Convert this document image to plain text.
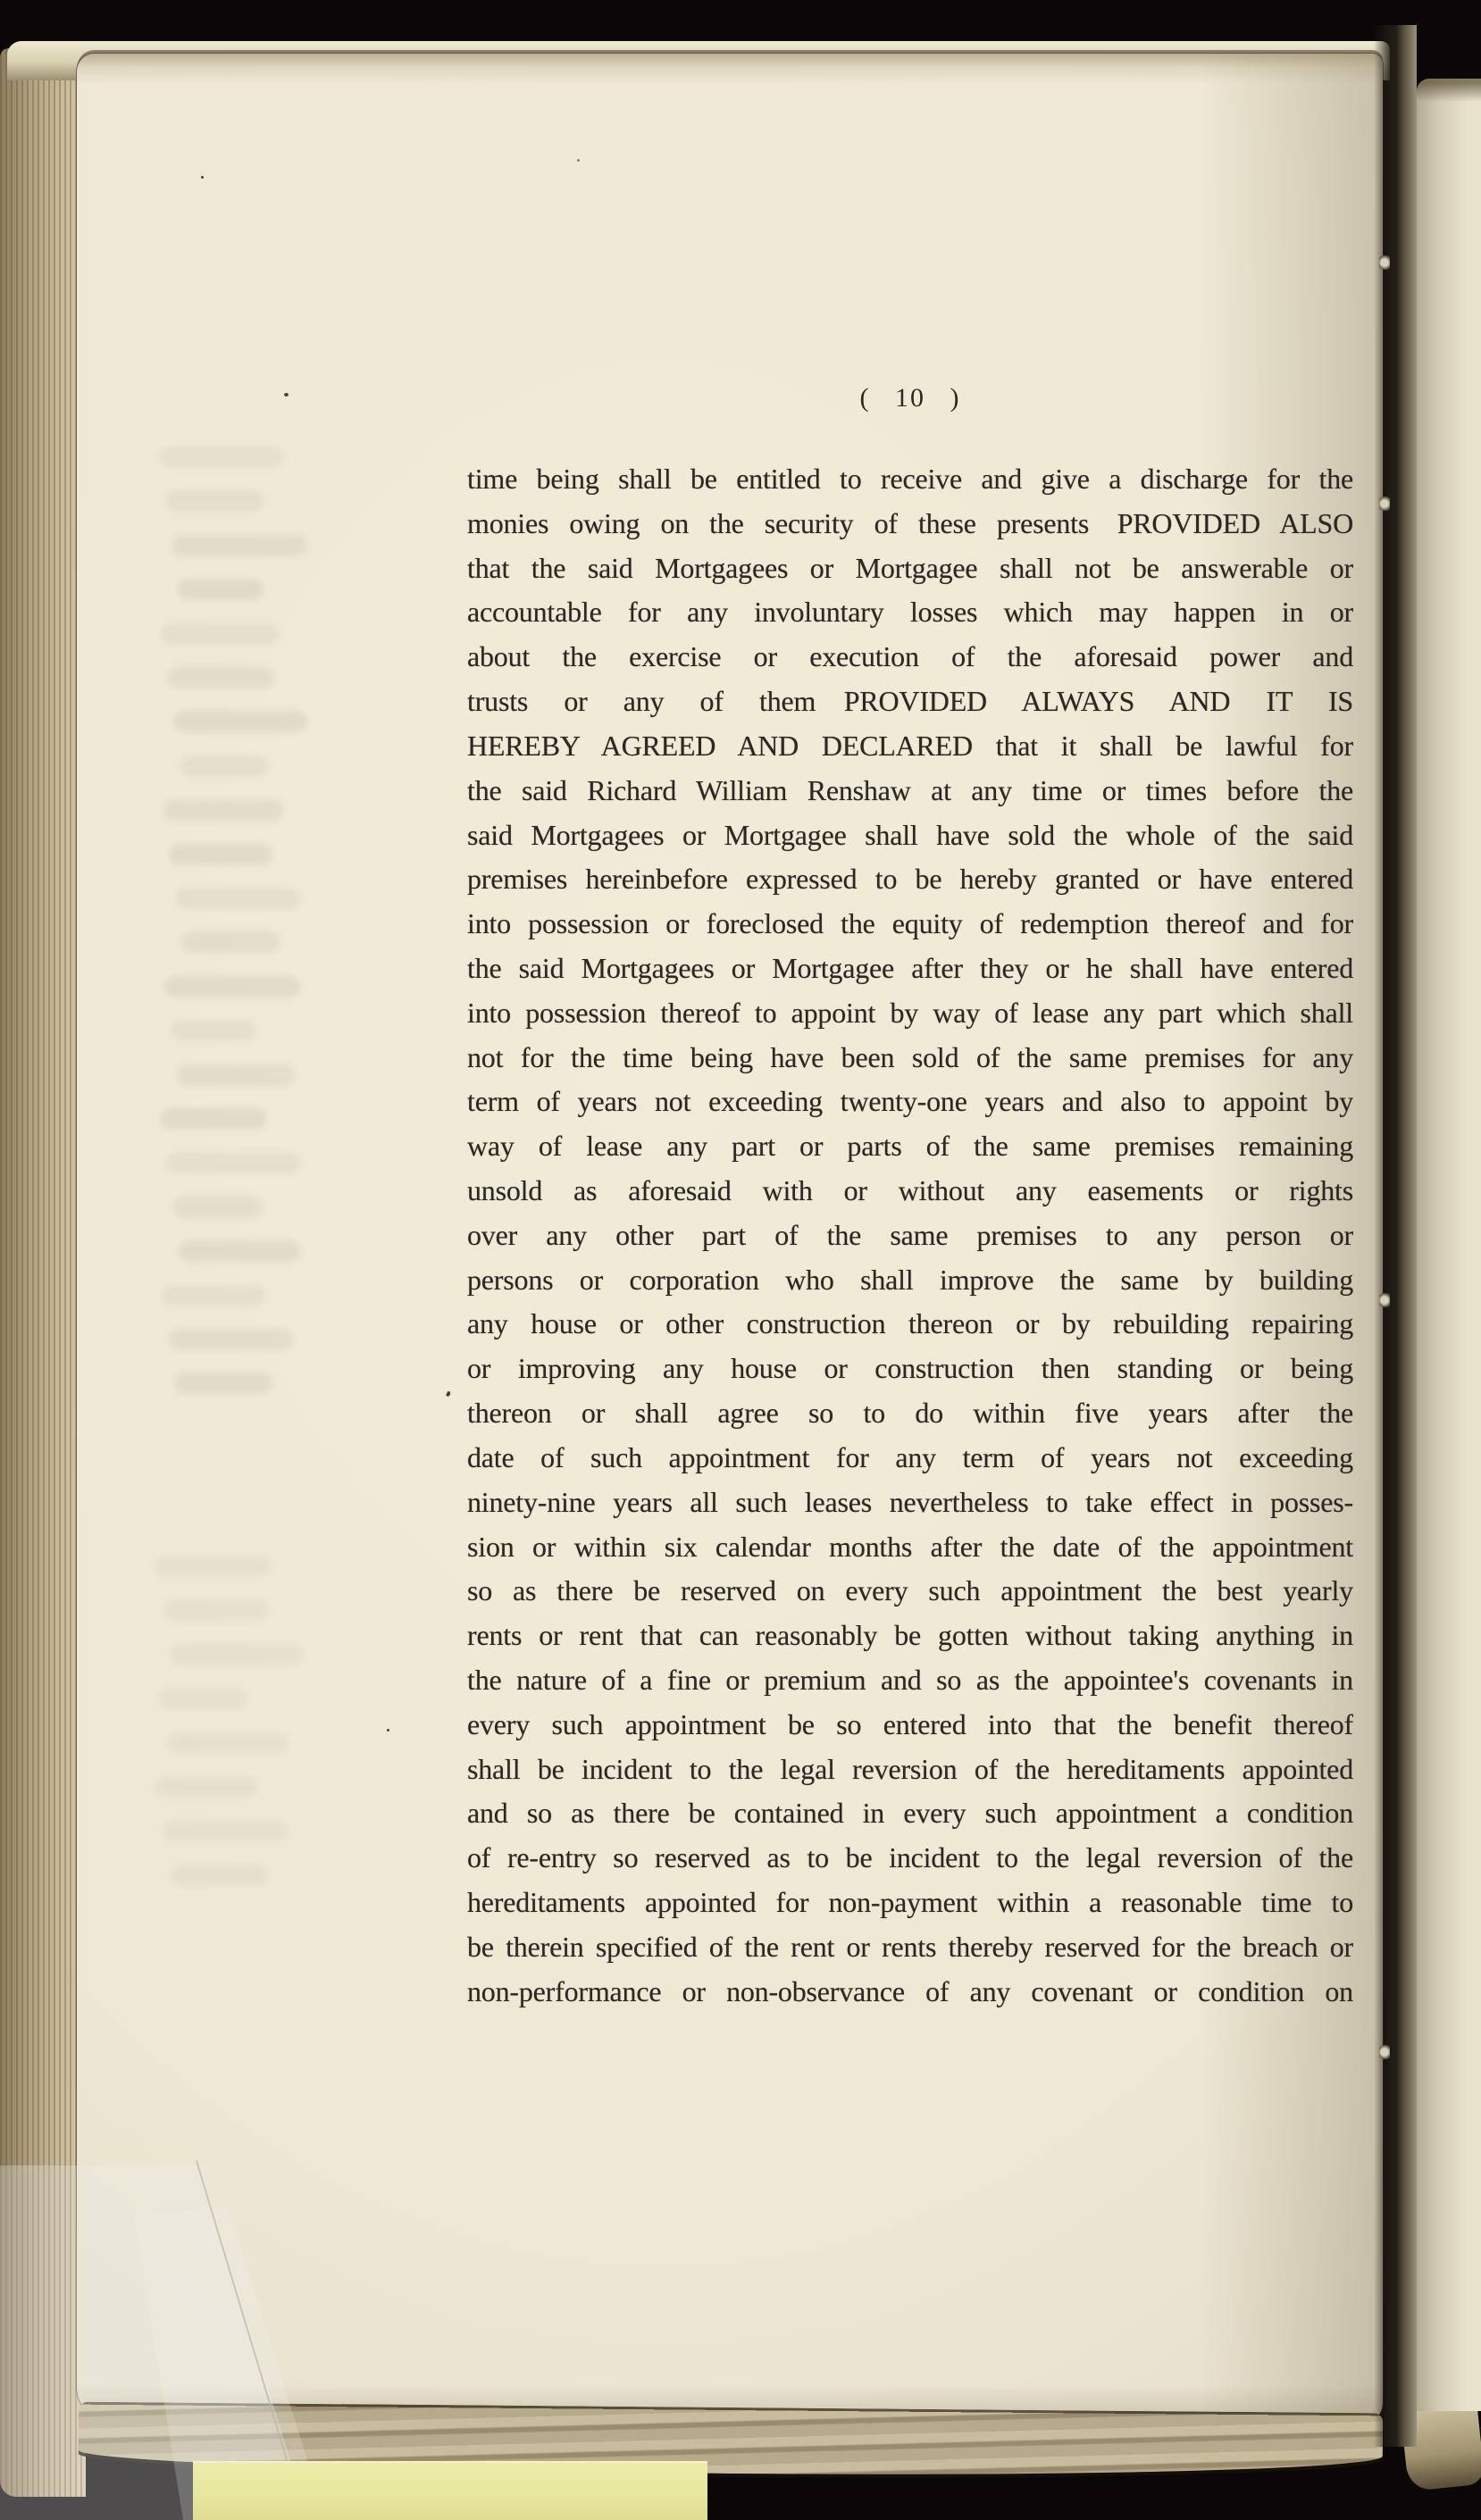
( 10 )
time being shall be entitled to receive and give a discharge for the
monies owing on the security of these presents  PROVIDED ALSO
that the said Mortgagees or Mortgagee shall not be answerable or
accountable for any involuntary losses which may happen in or
about the exercise or execution of the aforesaid power and
trusts or any of them  PROVIDED ALWAYS AND IT IS
HEREBY AGREED AND DECLARED that it shall be lawful for
the said Richard William Renshaw at any time or times before the
said Mortgagees or Mortgagee shall have sold the whole of the said
premises hereinbefore expressed to be hereby granted or have entered
into possession or foreclosed the equity of redemption thereof and for
the said Mortgagees or Mortgagee after they or he shall have entered
into possession thereof to appoint by way of lease any part which shall
not for the time being have been sold of the same premises for any
term of years not exceeding twenty-one years and also to appoint by
way of lease any part or parts of the same premises remaining
unsold as aforesaid with or without any easements or rights
over any other part of the same premises to any person or
persons or corporation who shall improve the same by building
any house or other construction thereon or by rebuilding repairing
or improving any house or construction then standing or being
thereon or shall agree so to do within five years after the
date of such appointment for any term of years not exceeding
ninety-nine years all such leases nevertheless to take effect in posses-
sion or within six calendar months after the date of the appointment
so as there be reserved on every such appointment the best yearly
rents or rent that can reasonably be gotten without taking anything in
the nature of a fine or premium and so as the appointee's covenants in
every such appointment be so entered into that the benefit thereof
shall be incident to the legal reversion of the hereditaments appointed
and so as there be contained in every such appointment a condition
of re-entry so reserved as to be incident to the legal reversion of the
hereditaments appointed for non-payment within a reasonable time to
be therein specified of the rent or rents thereby reserved for the breach or
non-performance or non-observance of any covenant or condition on
